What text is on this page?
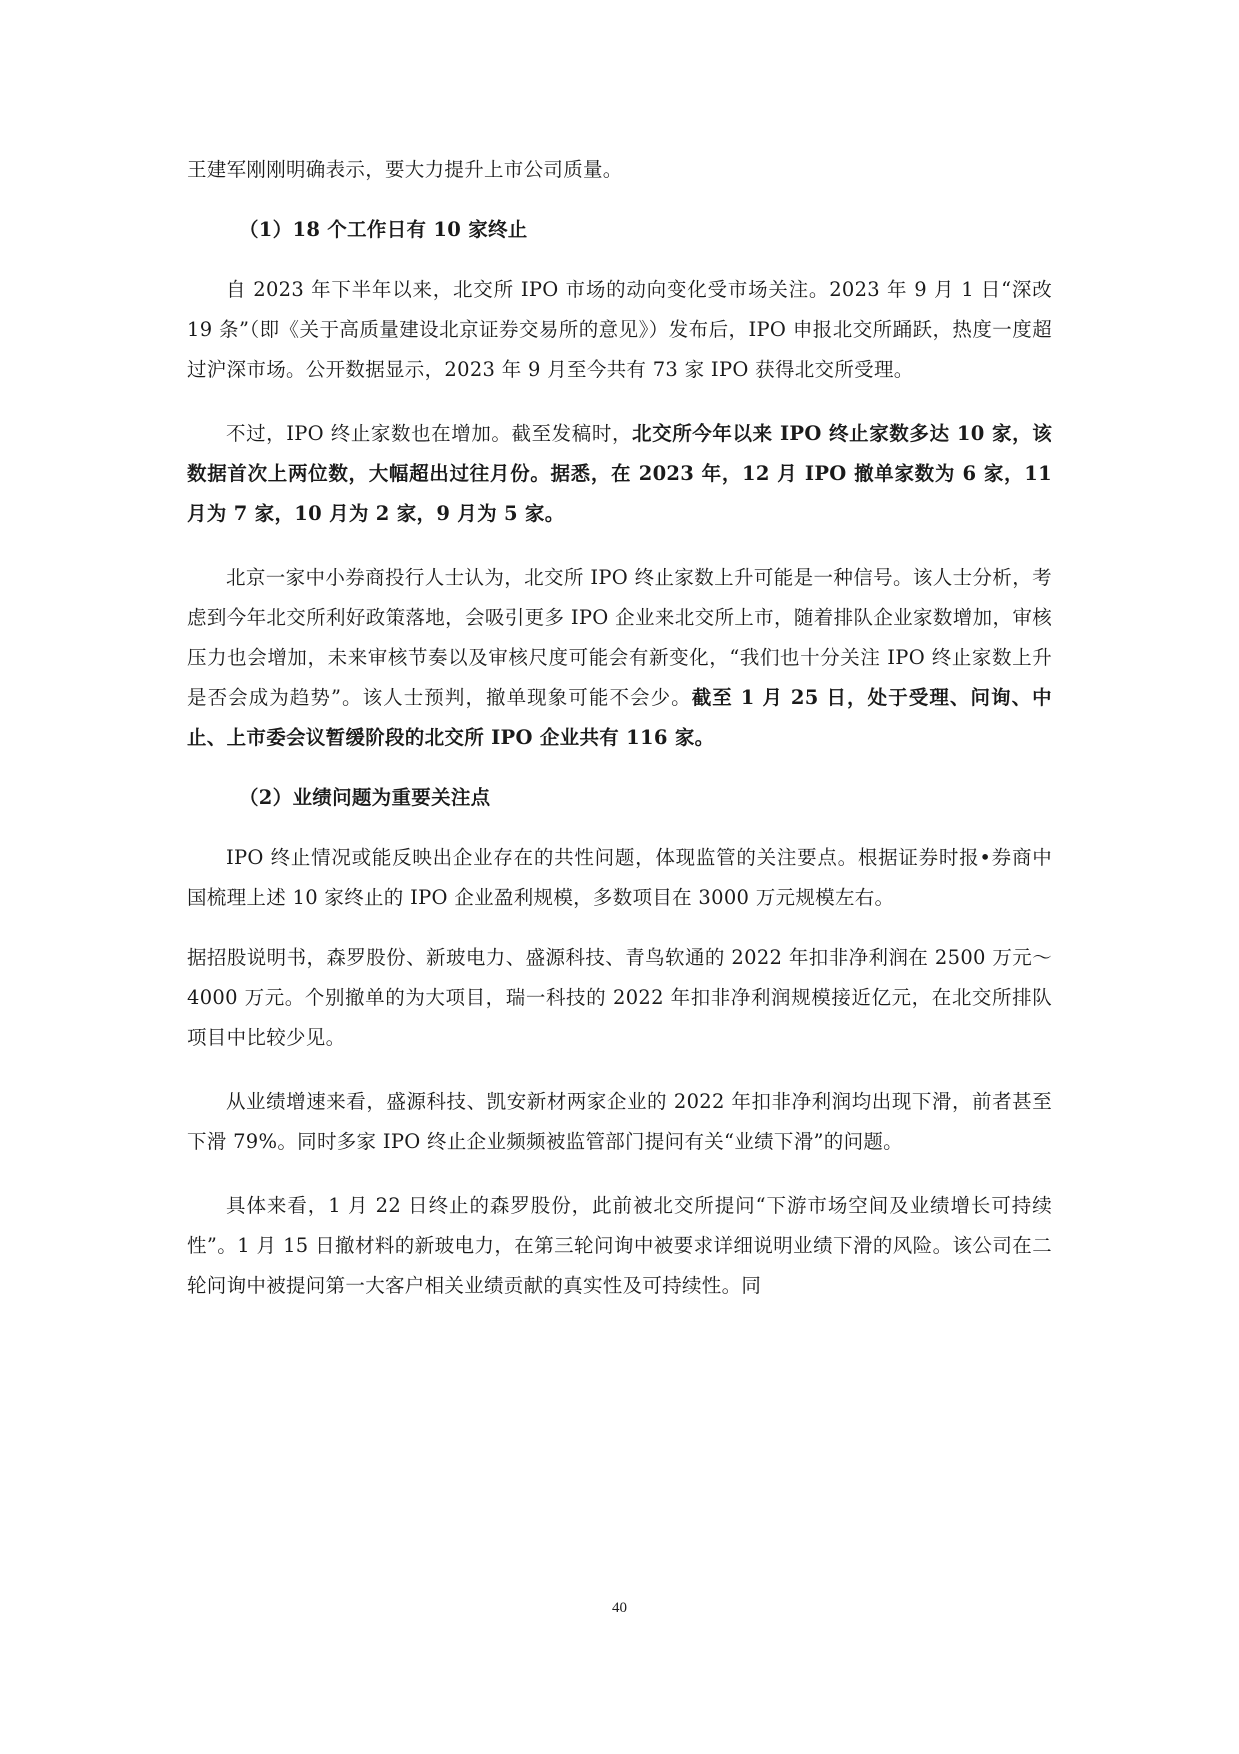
王建军刚刚明确表示，要大力提升上市公司质量。

（1）18 个工作日有 10 家终止

自 2023 年下半年以来，北交所 IPO 市场的动向变化受市场关注。2023 年 9 月 1 日“深改 19 条”（即《关于高质量建设北京证券交易所的意见》）发布后，IPO 申报北交所踊跃，热度一度超过沪深市场。公开数据显示，2023 年 9 月至今共有 73 家 IPO 获得北交所受理。

不过，IPO 终止家数也在增加。截至发稿时，北交所今年以来 IPO 终止家数多达 10 家，该数据首次上两位数，大幅超出过往月份。据悉，在 2023 年，12 月 IPO 撤单家数为 6 家，11 月为 7 家，10 月为 2 家，9 月为 5 家。

北京一家中小券商投行人士认为，北交所 IPO 终止家数上升可能是一种信号。该人士分析，考虑到今年北交所利好政策落地，会吸引更多 IPO 企业来北交所上市，随着排队企业家数增加，审核压力也会增加，未来审核节奏以及审核尺度可能会有新变化，“我们也十分关注 IPO 终止家数上升是否会成为趋势”。该人士预判，撤单现象可能不会少。截至 1 月 25 日，处于受理、问询、中止、上市委会议暂缓阶段的北交所 IPO 企业共有 116 家。

（2）业绩问题为重要关注点

IPO 终止情况或能反映出企业存在的共性问题，体现监管的关注要点。根据证券时报•券商中国梳理上述 10 家终止的 IPO 企业盈利规模，多数项目在 3000 万元规模左右。

据招股说明书，森罗股份、新玻电力、盛源科技、青鸟软通的 2022 年扣非净利润在 2500 万元～4000 万元。个别撤单的为大项目，瑞一科技的 2022 年扣非净利润规模接近亿元，在北交所排队项目中比较少见。

从业绩增速来看，盛源科技、凯安新材两家企业的 2022 年扣非净利润均出现下滑，前者甚至下滑 79%。同时多家 IPO 终止企业频频被监管部门提问有关“业绩下滑”的问题。

具体来看，1 月 22 日终止的森罗股份，此前被北交所提问“下游市场空间及业绩增长可持续性”。1 月 15 日撤材料的新玻电力，在第三轮问询中被要求详细说明业绩下滑的风险。该公司在二轮问询中被提问第一大客户相关业绩贡献的真实性及可持续性。同

40
